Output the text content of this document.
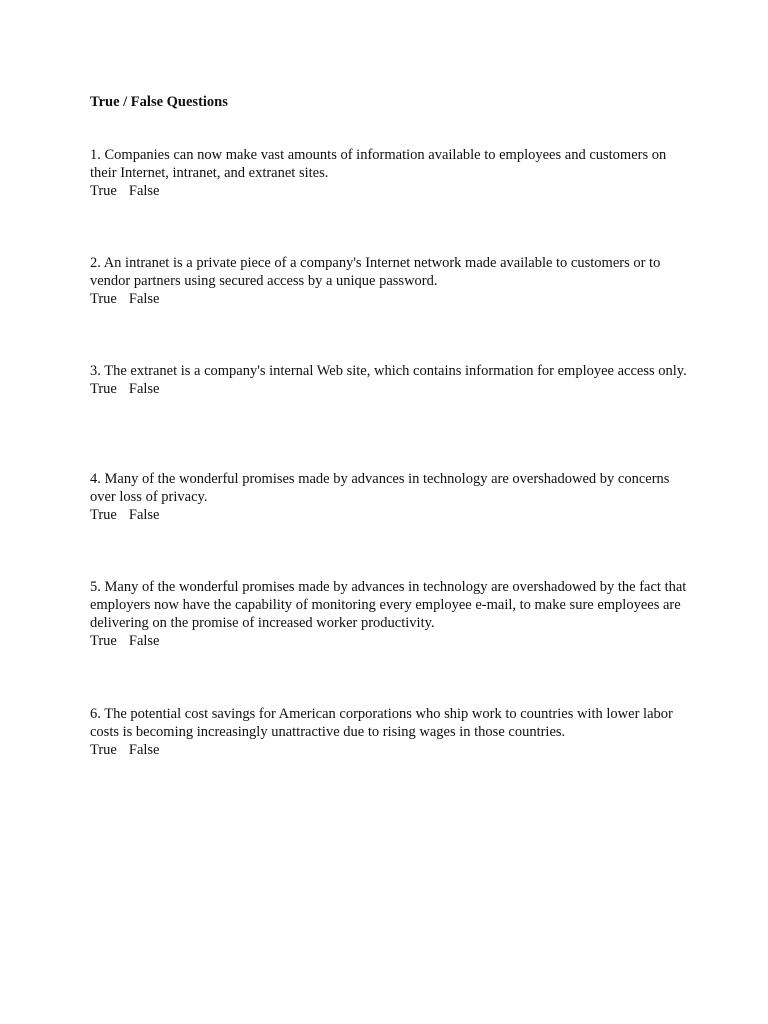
True / False Questions

1. Companies can now make vast amounts of information available to employees and customers on their Internet, intranet, and extranet sites.

True False

2. An intranet is a private piece of a company's Internet network made available to customers or to vendor partners using secured access by a unique password.

True False

3. The extranet is a company's internal Web site, which contains information for employee access only.

True False

4. Many of the wonderful promises made by advances in technology are overshadowed by concerns over loss of privacy.

True False

5. Many of the wonderful promises made by advances in technology are overshadowed by the fact that employers now have the capability of monitoring every employee e-mail, to make sure employees are delivering on the promise of increased worker productivity.

True False

6. The potential cost savings for American corporations who ship work to countries with lower labor costs is becoming increasingly unattractive due to rising wages in those countries.

True False
